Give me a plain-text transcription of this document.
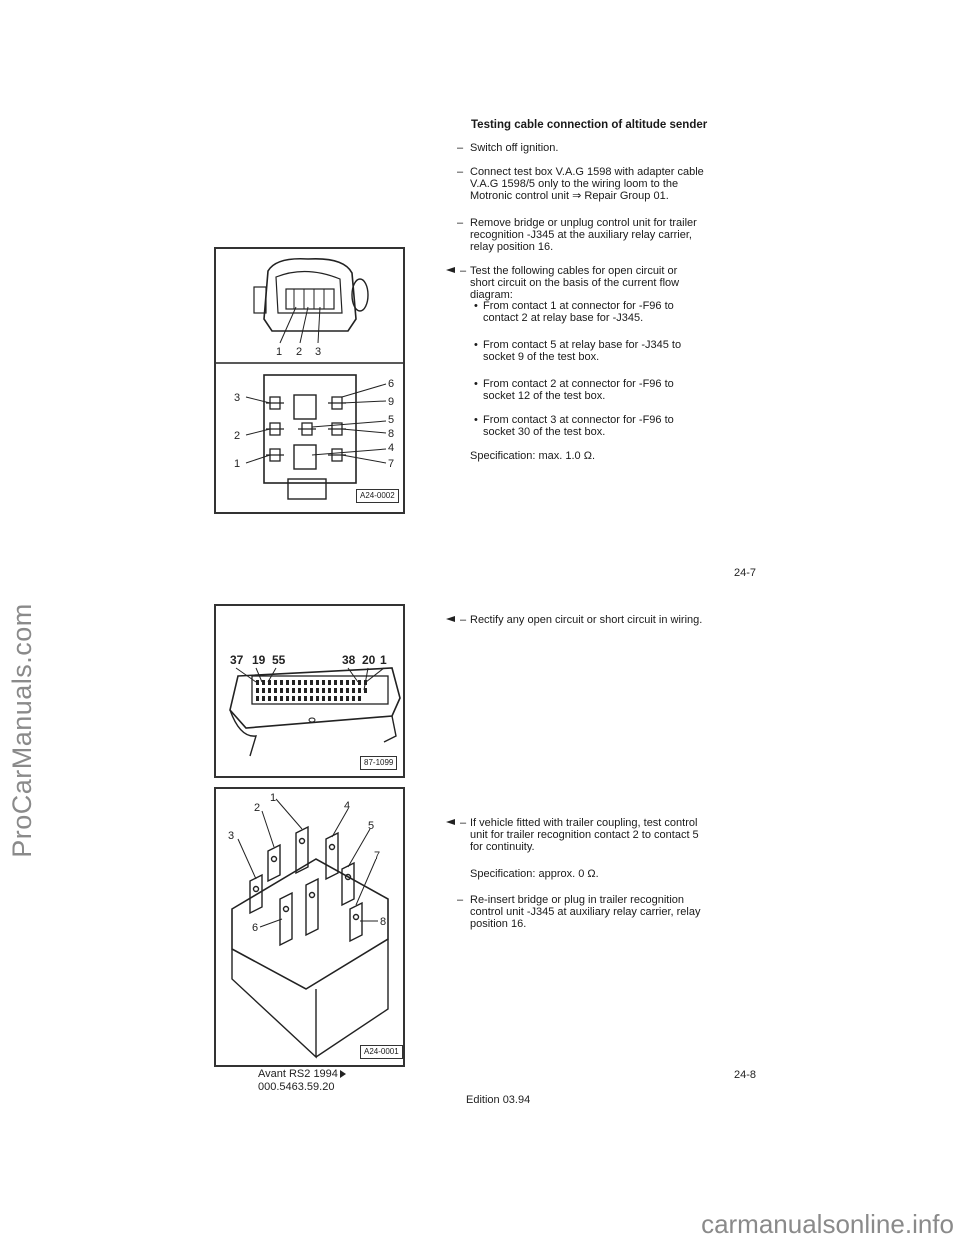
ProCarManuals.com
1 2 3
3
2
1
6
9
5
8
4
7
A24-0002
Testing cable connection of altitude sender
– Switch off ignition.
– Connect test box V.A.G 1598 with adapter cable V.A.G 1598/5 only to the wiring loom to the Motronic control unit ⇒ Repair Group 01.
– Remove bridge or unplug control unit for trailer recognition -J345 at the auxiliary relay carrier, relay position 16.
– Test the following cables for open circuit or short circuit on the basis of the current flow diagram:
• From contact 1 at connector for -F96 to contact 2 at relay base for -J345.
• From contact 5 at relay base for -J345 to socket 9 of the test box.
• From contact 2 at connector for -F96 to socket 12 of the test box.
• From contact 3 at connector for -F96 to socket 30 of the test box.
Specification: max. 1.0 Ω.
24-7
37 19 55	38 20 1
87-1099
1
2
3
4
5
6
7
8
A24-0001
– Rectify any open circuit or short circuit in wiring.
– If vehicle fitted with trailer coupling, test control unit for trailer recognition contact 2 to contact 5 for continuity.
Specification: approx. 0 Ω.
– Re-insert bridge or plug in trailer recognition control unit -J345 at auxiliary relay carrier, relay position 16.
24-8
Avant RS2 1994
000.5463.59.20
Edition 03.94
carmanualsonline.info
